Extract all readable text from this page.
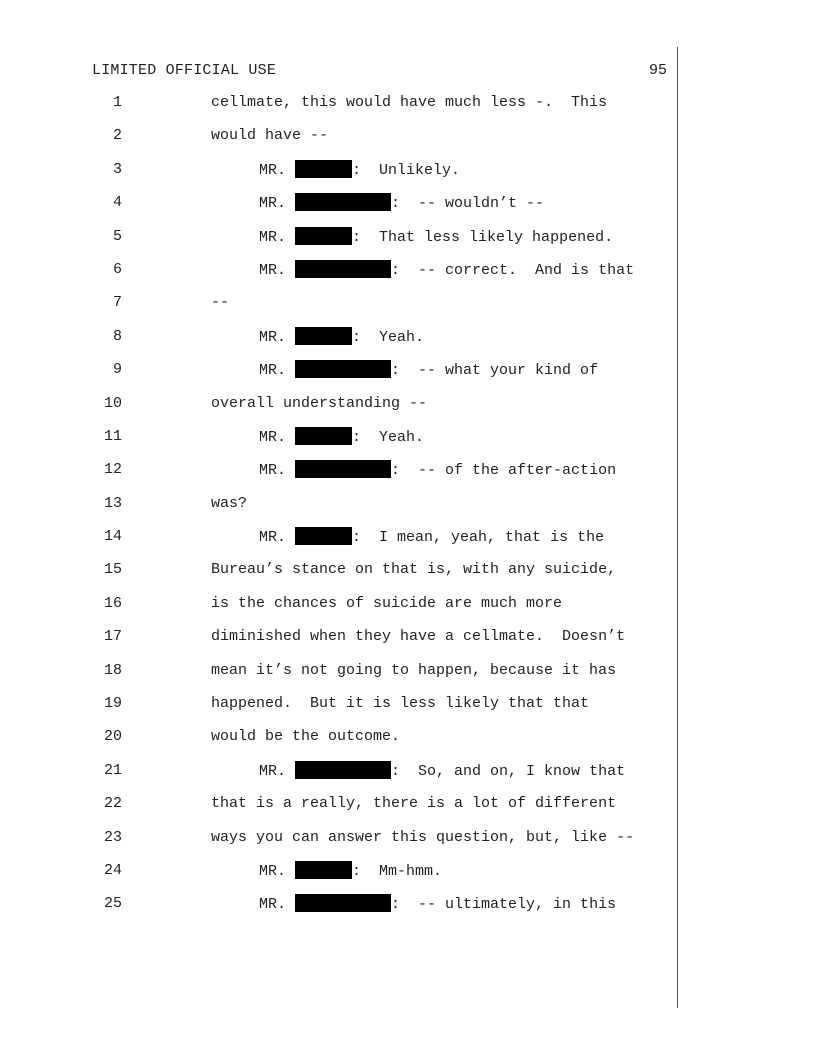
LIMITED OFFICIAL USE	95
1	cellmate, this would have much less -.  This
2	would have --
3	MR.	:  Unlikely.
4	MR.	:  -- wouldn’t --
5	MR.	:  That less likely happened.
6	MR.	:  -- correct.  And is that
7	--
8	MR.	:  Yeah.
9	MR.	:  -- what your kind of
10	overall understanding --
11	MR.	:  Yeah.
12	MR.	:  -- of the after-action
13	was?
14	MR.	:  I mean, yeah, that is the
15	Bureau’s stance on that is, with any suicide,
16	is the chances of suicide are much more
17	diminished when they have a cellmate.  Doesn’t
18	mean it’s not going to happen, because it has
19	happened.  But it is less likely that that
20	would be the outcome.
21	MR.	:  So, and on, I know that
22	that is a really, there is a lot of different
23	ways you can answer this question, but, like --
24	MR.	:  Mm-hmm.
25	MR.	:  -- ultimately, in this
